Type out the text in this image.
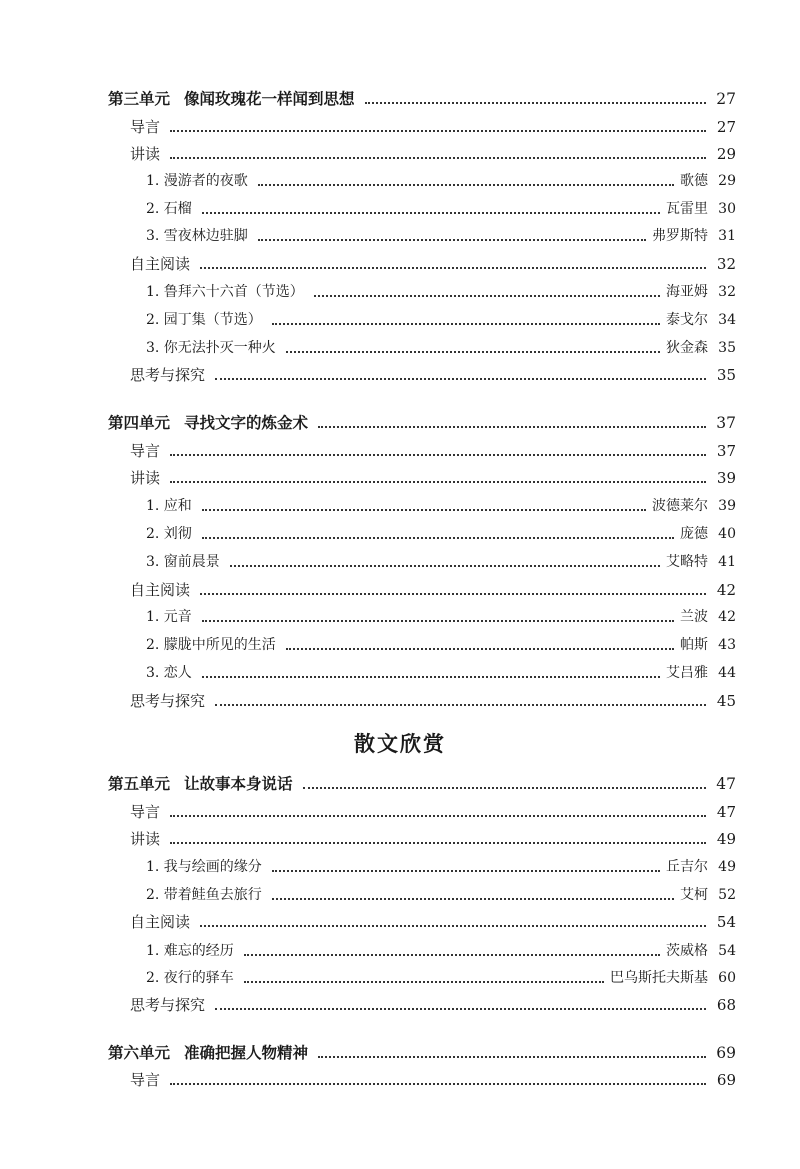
散文欣赏
第三单元 像闻玫瑰花一样闻到思想	27
导言	27
讲读	29
1. 漫游者的夜歌	歌德 29
2. 石榴	瓦雷里 30
3. 雪夜林边驻脚	弗罗斯特 31
自主阅读	32
1. 鲁拜六十六首（节选）	海亚姆 32
2. 园丁集（节选）	泰戈尔 34
3. 你无法扑灭一种火	狄金森 35
思考与探究	35
第四单元 寻找文字的炼金术	37
导言	37
讲读	39
1. 应和	波德莱尔 39
2. 刘彻	庞德 40
3. 窗前晨景	艾略特 41
自主阅读	42
1. 元音	兰波 42
2. 朦胧中所见的生活	帕斯 43
3. 恋人	艾吕雅 44
思考与探究	45
第五单元 让故事本身说话	47
导言	47
讲读	49
1. 我与绘画的缘分	丘吉尔 49
2. 带着鲑鱼去旅行	艾柯 52
自主阅读	54
1. 难忘的经历	茨威格 54
2. 夜行的驿车	巴乌斯托夫斯基 60
思考与探究	68
第六单元 准确把握人物精神	69
导言	69
